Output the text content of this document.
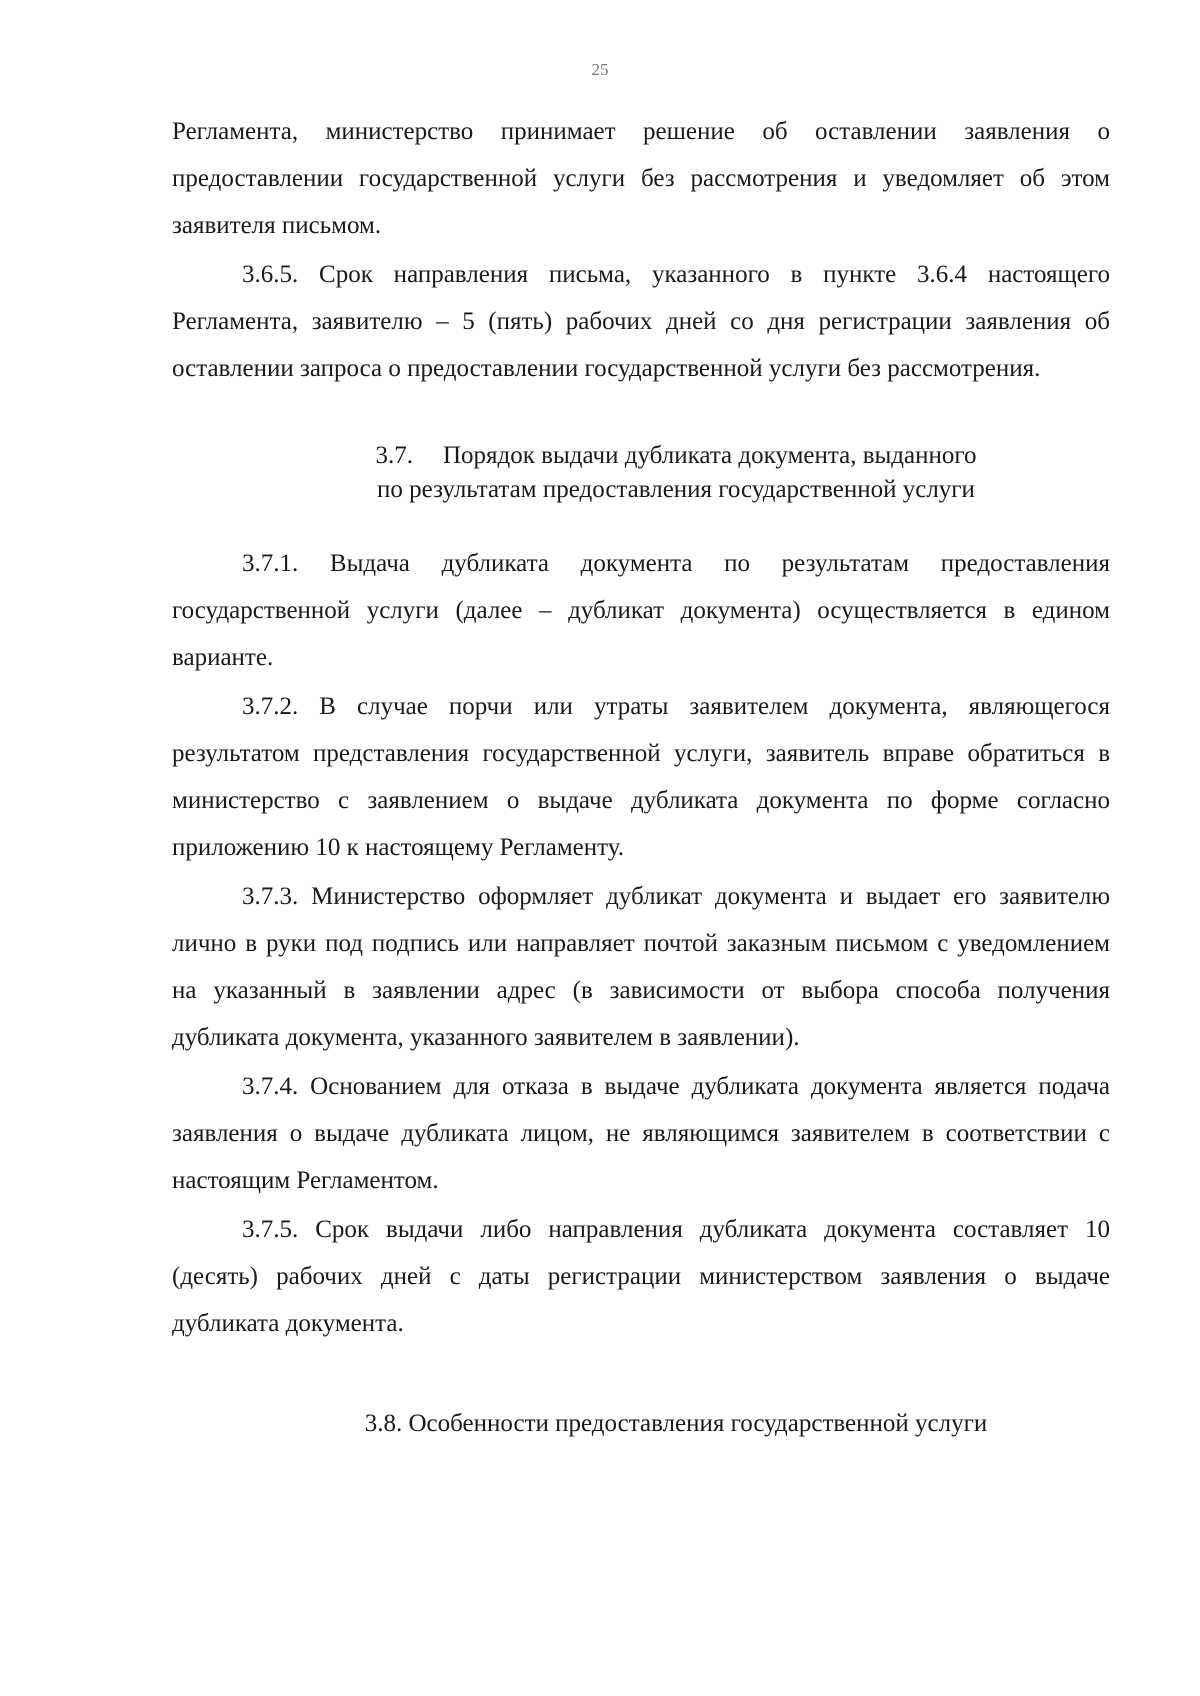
25

Регламента, министерство принимает решение об оставлении заявления о предоставлении государственной услуги без рассмотрения и уведомляет об этом заявителя письмом.

3.6.5. Срок направления письма, указанного в пункте 3.6.4 настоящего Регламента, заявителю – 5 (пять) рабочих дней со дня регистрации заявления об оставлении запроса о предоставлении государственной услуги без рассмотрения.

3.7. Порядок выдачи дубликата документа, выданного
по результатам предоставления государственной услуги

3.7.1. Выдача дубликата документа по результатам предоставления государственной услуги (далее – дубликат документа) осуществляется в едином варианте.

3.7.2. В случае порчи или утраты заявителем документа, являющегося результатом представления государственной услуги, заявитель вправе обратиться в министерство с заявлением о выдаче дубликата документа по форме согласно приложению 10 к настоящему Регламенту.

3.7.3. Министерство оформляет дубликат документа и выдает его заявителю лично в руки под подпись или направляет почтой заказным письмом с уведомлением на указанный в заявлении адрес (в зависимости от выбора способа получения дубликата документа, указанного заявителем в заявлении).

3.7.4. Основанием для отказа в выдаче дубликата документа является подача заявления о выдаче дубликата лицом, не являющимся заявителем в соответствии с настоящим Регламентом.

3.7.5. Срок выдачи либо направления дубликата документа составляет 10 (десять) рабочих дней с даты регистрации министерством заявления о выдаче дубликата документа.

3.8. Особенности предоставления государственной услуги
